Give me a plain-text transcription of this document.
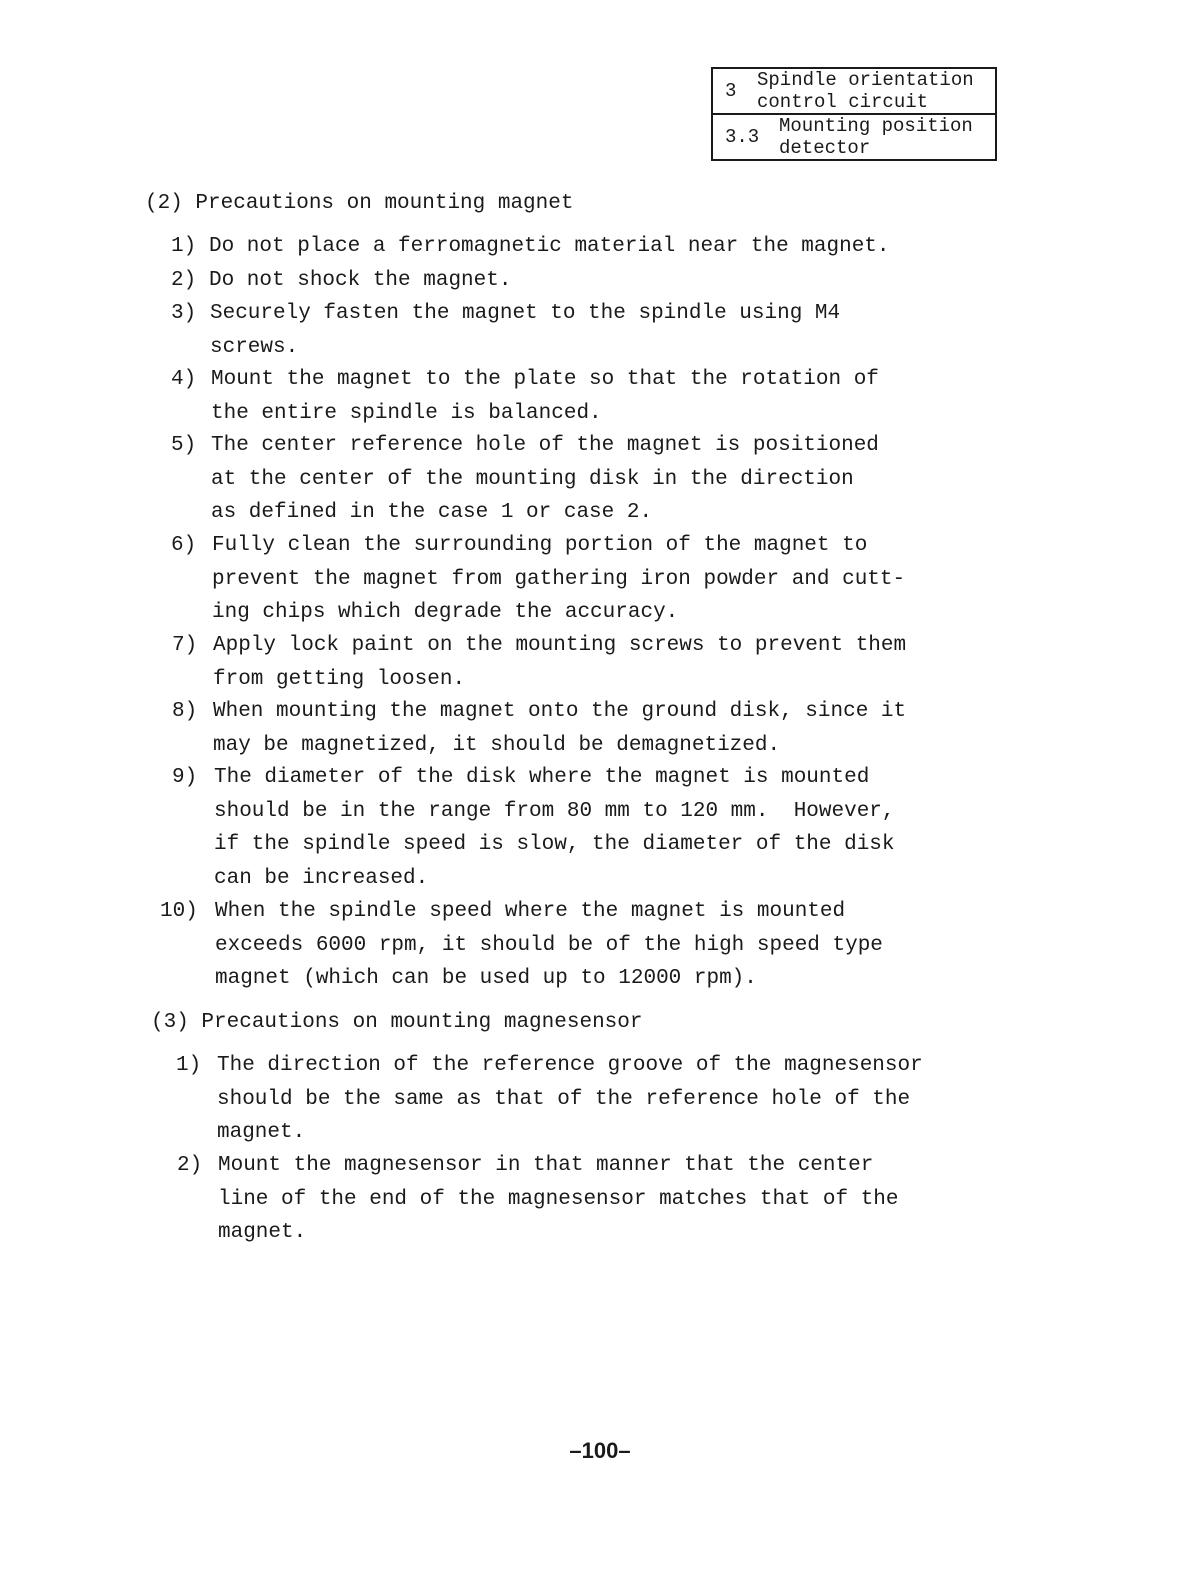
3 Spindle orientation
control circuit
3.3 Mounting position
detector
(2) Precautions on mounting magnet
1) Do not place a ferromagnetic material near the magnet.
2) Do not shock the magnet.
3) Securely fasten the magnet to the spindle using M4
screws.
4) Mount the magnet to the plate so that the rotation of
the entire spindle is balanced.
5) The center reference hole of the magnet is positioned
at the center of the mounting disk in the direction
as defined in the case 1 or case 2.
6) Fully clean the surrounding portion of the magnet to
prevent the magnet from gathering iron powder and cutt-
ing chips which degrade the accuracy.
7) Apply lock paint on the mounting screws to prevent them
from getting loosen.
8) When mounting the magnet onto the ground disk, since it
may be magnetized, it should be demagnetized.
9) The diameter of the disk where the magnet is mounted
should be in the range from 80 mm to 120 mm.  However,
if the spindle speed is slow, the diameter of the disk
can be increased.
10) When the spindle speed where the magnet is mounted
exceeds 6000 rpm, it should be of the high speed type
magnet (which can be used up to 12000 rpm).
(3) Precautions on mounting magnesensor
1) The direction of the reference groove of the magnesensor
should be the same as that of the reference hole of the
magnet.
2) Mount the magnesensor in that manner that the center
line of the end of the magnesensor matches that of the
magnet.
–100–
